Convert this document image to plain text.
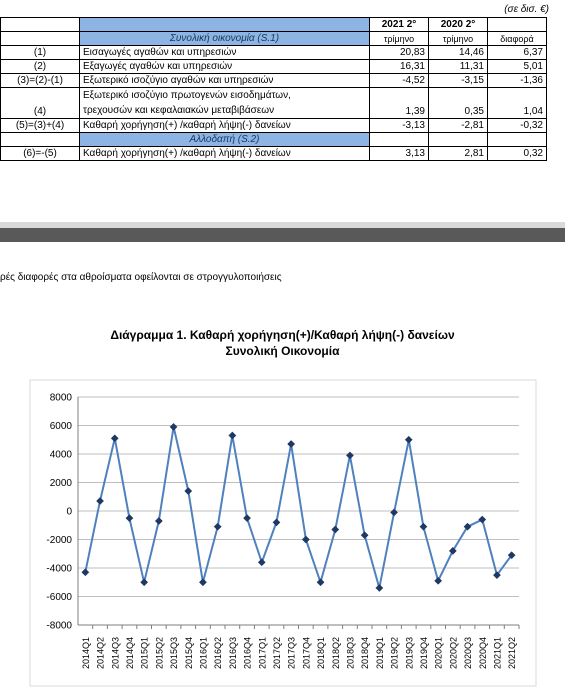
(σε δισ. €)
		2021 2°	2020 2°	
	Συνολική οικονομία (S.1)	τρίμηνο	τρίμηνο	διαφορά
(1)	Εισαγωγές αγαθών και υπηρεσιών	20,83	14,46	6,37
(2)	Εξαγωγές αγαθών και υπηρεσιών	16,31	11,31	5,01
(3)=(2)-(1)	Εξωτερικό ισοζύγιο αγαθών και υπηρεσιών	-4,52	-3,15	-1,36
(4)	Εξωτερικό ισοζύγιο πρωτογενών εισοδημάτων,
τρεχουσών και κεφαλαιακών μεταβιβάσεων	1,39	0,35	1,04
(5)=(3)+(4)	Καθαρή χορήγηση(+) /καθαρή λήψη(-) δανείων	-3,13	-2,81	-0,32
	Αλλοδαπή (S.2)			
(6)=-(5)	Καθαρή χορήγηση(+) /καθαρή λήψη(-) δανείων	3,13	2,81	0,32
ρές διαφορές στα αθροίσματα οφείλονται σε στρογγυλοποιήσεις
Διάγραμμα 1. Καθαρή χορήγηση(+)/Καθαρή λήψη(-) δανείων
Συνολική Οικονομία
8000
6000
4000
2000
0
-2000
-4000
-6000
-8000
2014Q1 2014Q2 2014Q3 2014Q4 2015Q1 2015Q2 2015Q3 2015Q4 2016Q1 2016Q2 2016Q3 2016Q4 2017Q1 2017Q2 2017Q3 2017Q4 2018Q1 2018Q2 2018Q3 2018Q4 2019Q1 2019Q2 2019Q3 2019Q4 2020Q1 2020Q2 2020Q3 2020Q4 2021Q1 2021Q2
